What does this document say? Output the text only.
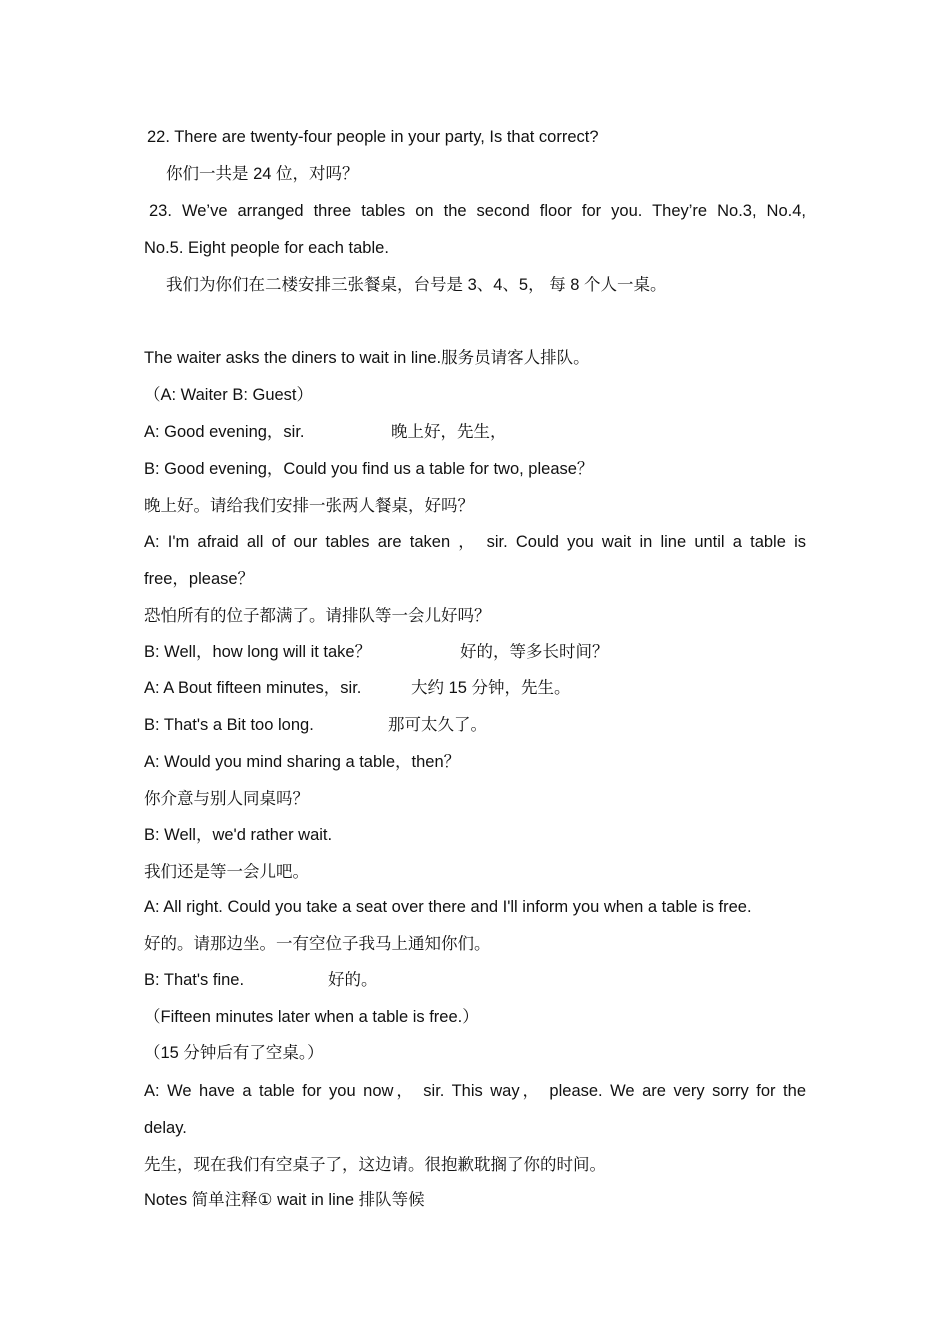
22. There are twenty-four people in your party, Is that correct?

你们一共是 24 位，对吗？

23. We’ve arranged three tables on the second floor for you. They’re No.3, No.4,

No.5. Eight people for each table.

我们为你们在二楼安排三张餐桌，台号是 3、4、5， 每 8 个人一桌。

The waiter asks the diners to wait in line.服务员请客人排队。

（A: Waiter B: Guest）

A: Good evening，sir.	晚上好，先生，

B: Good evening，Could you find us a table for two, please？

晚上好。请给我们安排一张两人餐桌，好吗？

A: I'm afraid all of our tables are taken ， sir. Could you wait in line until a table is

free，please？

恐怕所有的位子都满了。请排队等一会儿好吗？

B: Well，how long will it take？	好的，等多长时间？

A: A Bout fifteen minutes，sir.	大约 15 分钟，先生。

B: That's a Bit too long.	那可太久了。

A: Would you mind sharing a table，then？

你介意与别人同桌吗？

B: Well，we'd rather wait.

我们还是等一会儿吧。

A: All right. Could you take a seat over there and I'll inform you when a table is free.

好的。请那边坐。一有空位子我马上通知你们。

B: That's fine.	好的。

（Fifteen minutes later when a table is free.）

（15 分钟后有了空桌。）

A: We have a table for you now， sir. This way， please. We are very sorry for the

delay.

先生，现在我们有空桌子了，这边请。很抱歉耽搁了你的时间。

Notes 简单注释① wait in line 排队等候
